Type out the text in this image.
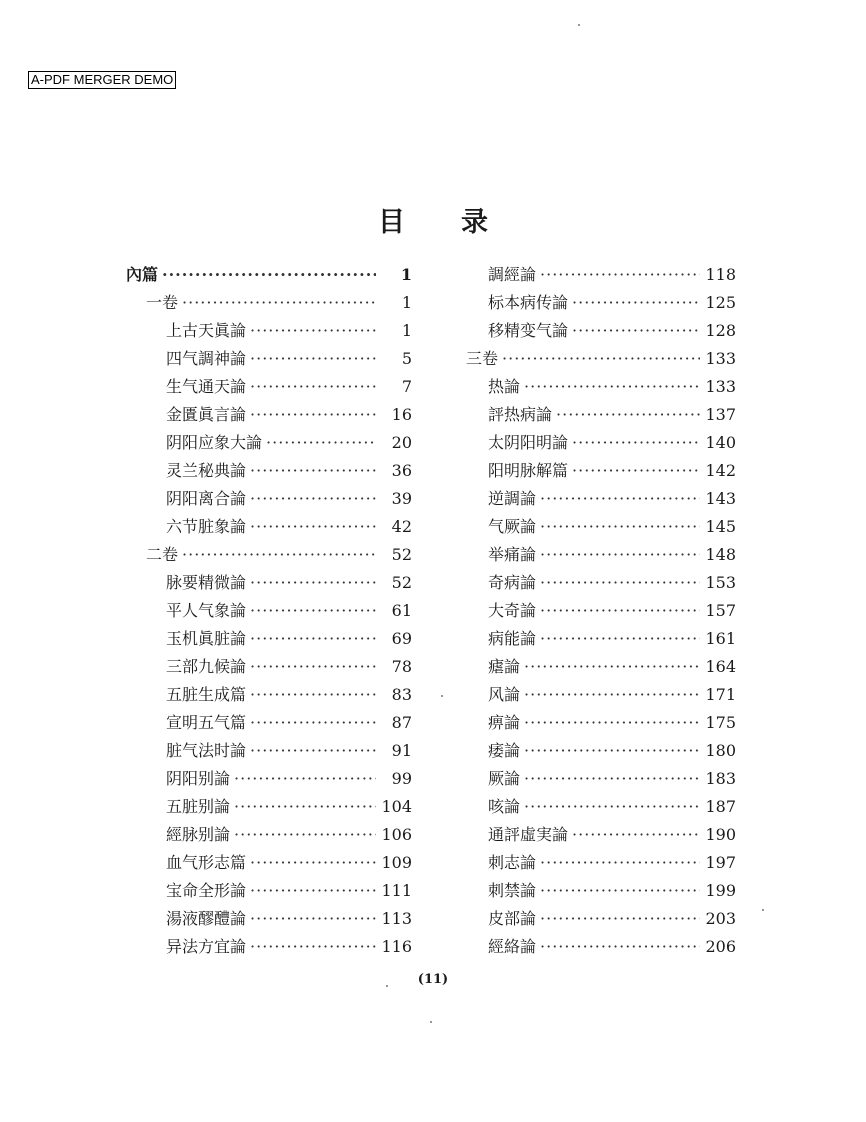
A-PDF MERGER DEMO
目录
內篇 ·····	1
一卷 ·····	1
上古天眞論 ·····	1
四气調神論 ·····	5
生气通天論 ·····	7
金匱眞言論 ·····	16
阴阳应象大論 ·····	20
灵兰秘典論 ·····	36
阴阳离合論 ·····	39
六节脏象論 ·····	42
二卷 ·····	52
脉要精微論 ·····	52
平人气象論 ·····	61
玉机眞脏論 ·····	69
三部九候論 ·····	78
五脏生成篇 ·····	83
宣明五气篇 ·····	87
脏气法时論 ·····	91
阴阳别論 ·····	99
五脏别論 ·····	104
經脉别論 ·····	106
血气形志篇 ·····	109
宝命全形論 ·····	111
湯液醪醴論 ·····	113
异法方宜論 ·····	116
調經論 ·····	118
标本病传論 ·····	125
移精变气論 ·····	128
三卷 ·····	133
热論 ·····	133
評热病論 ·····	137
太阴阳明論 ·····	140
阳明脉解篇 ·····	142
逆調論 ·····	143
气厥論 ·····	145
举痛論 ·····	148
奇病論 ·····	153
大奇論 ·····	157
病能論 ·····	161
瘧論 ·····	164
风論 ·····	171
痹論 ·····	175
痿論 ·····	180
厥論 ·····	183
咳論 ·····	187
通評虛実論 ·····	190
刺志論 ·····	197
刺禁論 ·····	199
皮部論 ·····	203
經絡論 ·····	206
(11)
